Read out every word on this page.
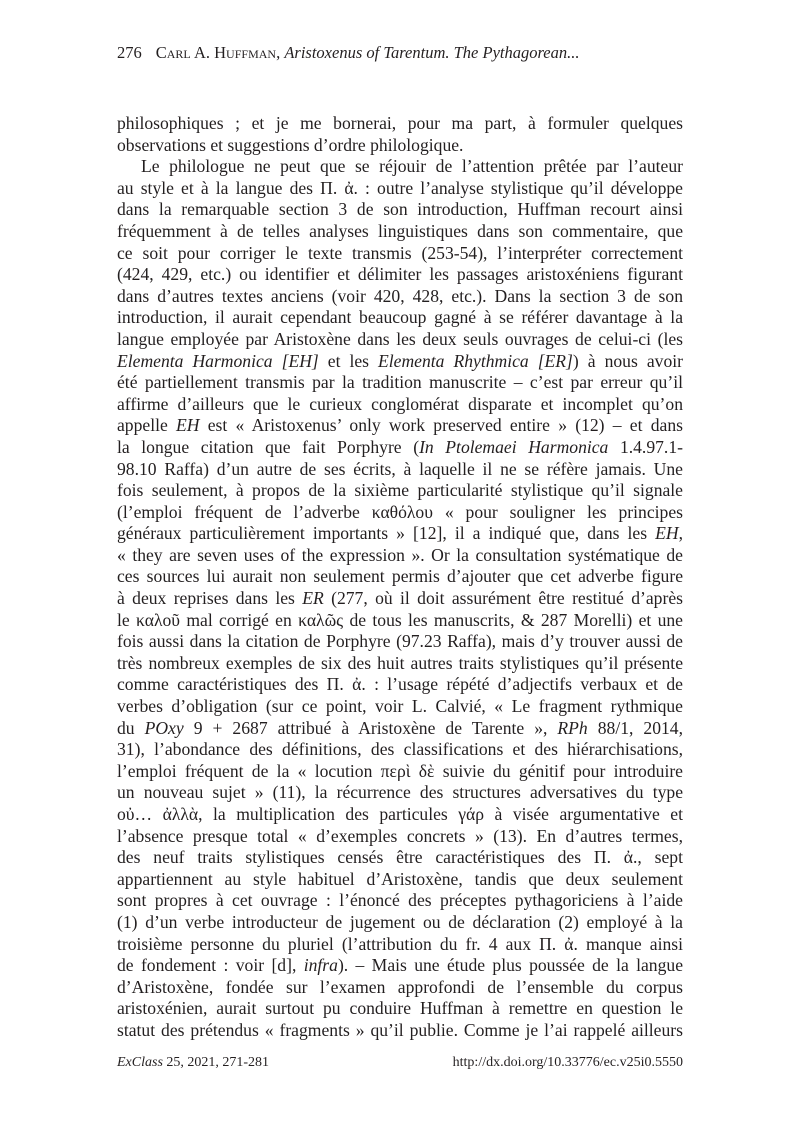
276 Carl A. Huffman, Aristoxenus of Tarentum. The Pythagorean...
philosophiques ; et je me bornerai, pour ma part, à formuler quelques
observations et suggestions d’ordre philologique.
Le philologue ne peut que se réjouir de l’attention prêtée par l’auteur
au style et à la langue des Π. ἀ. : outre l’analyse stylistique qu’il développe
dans la remarquable section 3 de son introduction, Huffman recourt ainsi
fréquemment à de telles analyses linguistiques dans son commentaire, que
ce soit pour corriger le texte transmis (253-54), l’interpréter correctement
(424, 429, etc.) ou identifier et délimiter les passages aristoxéniens figurant
dans d’autres textes anciens (voir 420, 428, etc.). Dans la section 3 de son
introduction, il aurait cependant beaucoup gagné à se référer davantage à la
langue employée par Aristoxène dans les deux seuls ouvrages de celui-ci (les
Elementa Harmonica [EH] et les Elementa Rhythmica [ER]) à nous avoir
été partiellement transmis par la tradition manuscrite – c’est par erreur qu’il
affirme d’ailleurs que le curieux conglomérat disparate et incomplet qu’on
appelle EH est « Aristoxenus’ only work preserved entire » (12) – et dans
la longue citation que fait Porphyre (In Ptolemaei Harmonica 1.4.97.1-
98.10 Raffa) d’un autre de ses écrits, à laquelle il ne se réfère jamais. Une
fois seulement, à propos de la sixième particularité stylistique qu’il signale
(l’emploi fréquent de l’adverbe καθόλου « pour souligner les principes
généraux particulièrement importants » [12], il a indiqué que, dans les EH,
« they are seven uses of the expression ». Or la consultation systématique de
ces sources lui aurait non seulement permis d’ajouter que cet adverbe figure
à deux reprises dans les ER (277, où il doit assurément être restitué d’après
le καλοῦ mal corrigé en καλῶς de tous les manuscrits, & 287 Morelli) et une
fois aussi dans la citation de Porphyre (97.23 Raffa), mais d’y trouver aussi de
très nombreux exemples de six des huit autres traits stylistiques qu’il présente
comme caractéristiques des Π. ἀ. : l’usage répété d’adjectifs verbaux et de
verbes d’obligation (sur ce point, voir L. Calvié, « Le fragment rythmique
du POxy 9 + 2687 attribué à Aristoxène de Tarente », RPh 88/1, 2014,
31), l’abondance des définitions, des classifications et des hiérarchisations,
l’emploi fréquent de la « locution περὶ δὲ suivie du génitif pour introduire
un nouveau sujet » (11), la récurrence des structures adversatives du type
οὐ… ἀλλὰ, la multiplication des particules γάρ à visée argumentative et
l’absence presque total « d’exemples concrets » (13). En d’autres termes,
des neuf traits stylistiques censés être caractéristiques des Π. ἀ., sept
appartiennent au style habituel d’Aristoxène, tandis que deux seulement
sont propres à cet ouvrage : l’énoncé des préceptes pythagoriciens à l’aide
(1) d’un verbe introducteur de jugement ou de déclaration (2) employé à la
troisième personne du pluriel (l’attribution du fr. 4 aux Π. ἀ. manque ainsi
de fondement : voir [d], infra). – Mais une étude plus poussée de la langue
d’Aristoxène, fondée sur l’examen approfondi de l’ensemble du corpus
aristoxénien, aurait surtout pu conduire Huffman à remettre en question le
statut des prétendus « fragments » qu’il publie. Comme je l’ai rappelé ailleurs
ExClass 25, 2021, 271-281	http://dx.doi.org/10.33776/ec.v25i0.5550
